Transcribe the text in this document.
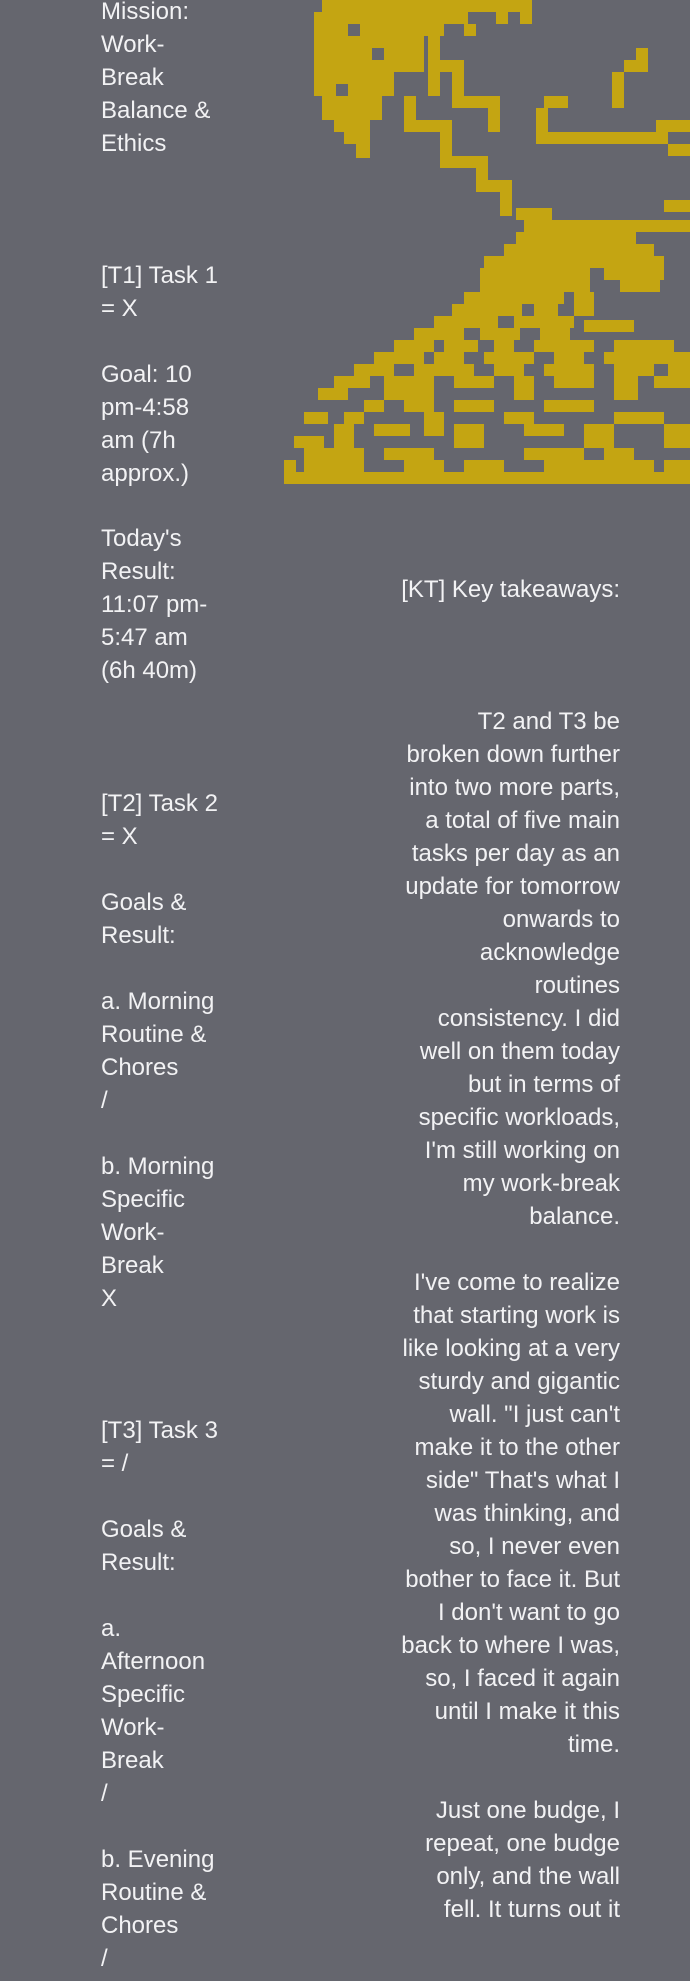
Mission:
Work-
Break
Balance &
Ethics

[T1] Task 1
= X

Goal: 10
pm-4:58
am (7h
approx.)

Today's
Result:
11:07 pm-
5:47 am
(6h 40m)

[T2] Task 2
= X

Goals &
Result:

a. Morning
Routine &
Chores
/

b. Morning
Specific
Work-
Break
X

[T3] Task 3
= /

Goals &
Result:

a.
Afternoon
Specific
Work-
Break
/

b. Evening
Routine &
Chores
/

[KT] Key takeaways:

T2 and T3 be broken down further into two more parts, a total of five main tasks per day as an update for tomorrow onwards to acknowledge routines consistency. I did well on them today but in terms of specific workloads, I'm still working on my work-break balance.

I've come to realize that starting work is like looking at a very sturdy and gigantic wall. "I just can't make it to the other side" That's what I was thinking, and so, I never even bother to face it. But I don't want to go back to where I was, so, I faced it again until I make it this time.

Just one budge, I repeat, one budge only, and the wall fell. It turns out it
